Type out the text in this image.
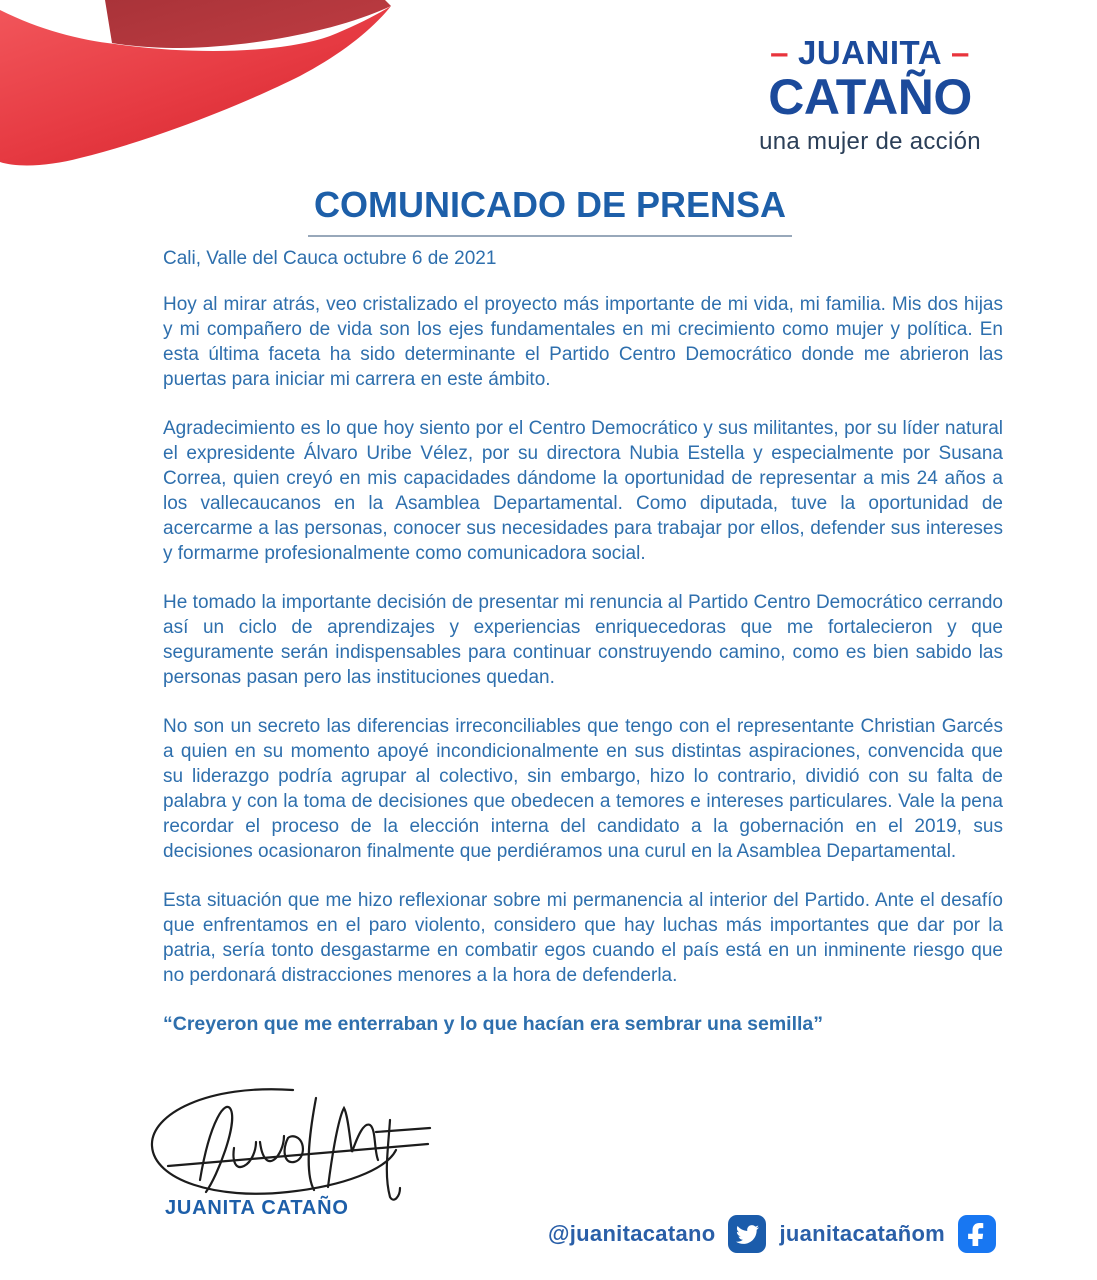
– JUANITA –
CATAÑO
una mujer de acción
COMUNICADO DE PRENSA
Cali, Valle del Cauca octubre 6 de 2021

Hoy al mirar atrás, veo cristalizado el proyecto más importante de mi vida, mi familia. Mis dos hijas y mi compañero de vida son los ejes fundamentales en mi crecimiento como mujer y política. En esta última faceta ha sido determinante el Partido Centro Democrático donde me abrieron las puertas para iniciar mi carrera en este ámbito.

Agradecimiento es lo que hoy siento por el Centro Democrático y sus militantes, por su líder natural el expresidente Álvaro Uribe Vélez, por su directora Nubia Estella y especialmente por Susana Correa, quien creyó en mis capacidades dándome la oportunidad de representar a mis 24 años a los vallecaucanos en la Asamblea Departamental. Como diputada, tuve la oportunidad de acercarme a las personas, conocer sus necesidades para trabajar por ellos, defender sus intereses y formarme profesionalmente como comunicadora social.

He tomado la importante decisión de presentar mi renuncia al Partido Centro Democrático cerrando así un ciclo de aprendizajes y experiencias enriquecedoras que me fortalecieron y que seguramente serán indispensables para continuar construyendo camino, como es bien sabido las personas pasan pero las instituciones quedan.

No son un secreto las diferencias irreconciliables que tengo con el representante Christian Garcés a quien en su momento apoyé incondicionalmente en sus distintas aspiraciones, convencida que su liderazgo podría agrupar al colectivo, sin embargo, hizo lo contrario, dividió con su falta de palabra y con la toma de decisiones que obedecen a temores e intereses particulares. Vale la pena recordar el proceso de la elección interna del candidato a la gobernación en el 2019, sus decisiones ocasionaron finalmente que perdiéramos una curul en la Asamblea Departamental.

Esta situación que me hizo reflexionar sobre mi permanencia al interior del Partido. Ante el desafío que enfrentamos en el paro violento, considero que hay luchas más importantes que dar por la patria, sería tonto desgastarme en combatir egos cuando el país está en un inminente riesgo que no perdonará distracciones menores a la hora de defenderla.

“Creyeron que me enterraban y lo que hacían era sembrar una semilla”

JUANITA CATAÑO
@juanitacatano	juanitacatañom
